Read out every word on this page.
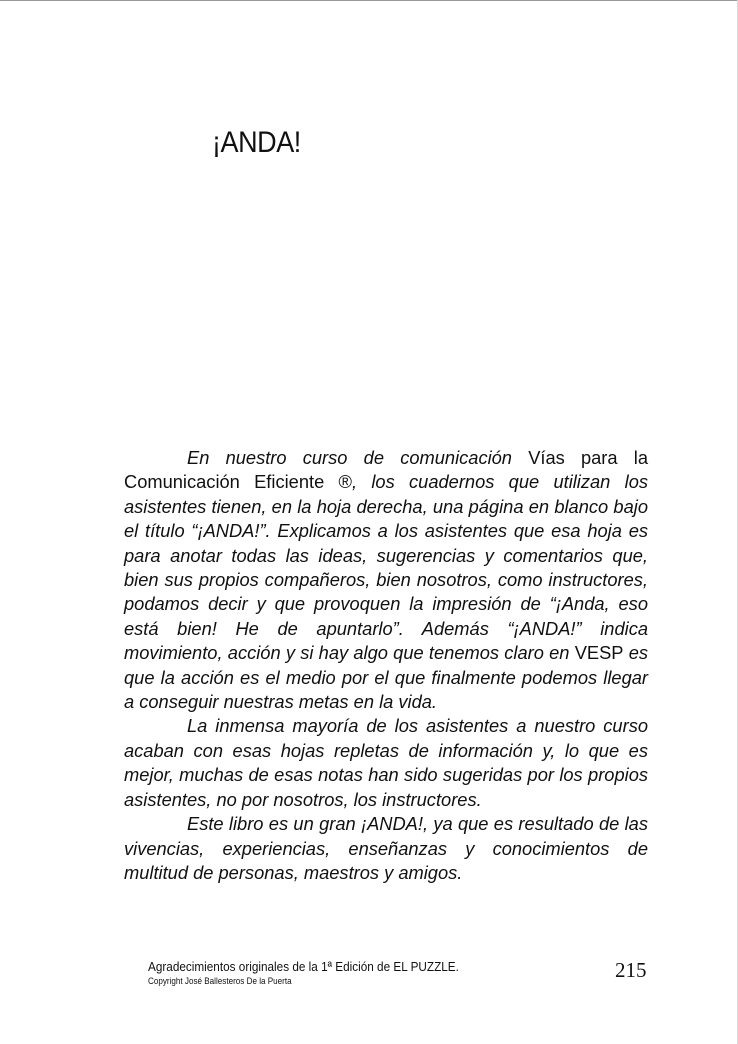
¡ANDA!

En nuestro curso de comunicación Vías para la Comunicación Eficiente ®, los cuadernos que utilizan los asistentes tienen, en la hoja derecha, una página en blanco bajo el título “¡ANDA!”. Explicamos a los asistentes que esa hoja es para anotar todas las ideas, sugerencias y comentarios que, bien sus propios compañeros, bien nosotros, como instructores, podamos decir y que provoquen la impresión de “¡Anda, eso está bien! He de apuntarlo”. Además “¡ANDA!” indica movimiento, acción y si hay algo que tenemos claro en VESP es que la acción es el medio por el que finalmente podemos llegar a conseguir nuestras metas en la vida.

La inmensa mayoría de los asistentes a nuestro curso acaban con esas hojas repletas de información y, lo que es mejor, muchas de esas notas han sido sugeridas por los propios asistentes, no por nosotros, los instructores.

Este libro es un gran ¡ANDA!, ya que es resultado de las vivencias, experiencias, enseñanzas y conocimientos de multitud de personas, maestros y amigos.

Agradecimientos originales de la 1ª Edición de EL PUZZLE.
Copyright José Ballesteros De la Puerta	215
